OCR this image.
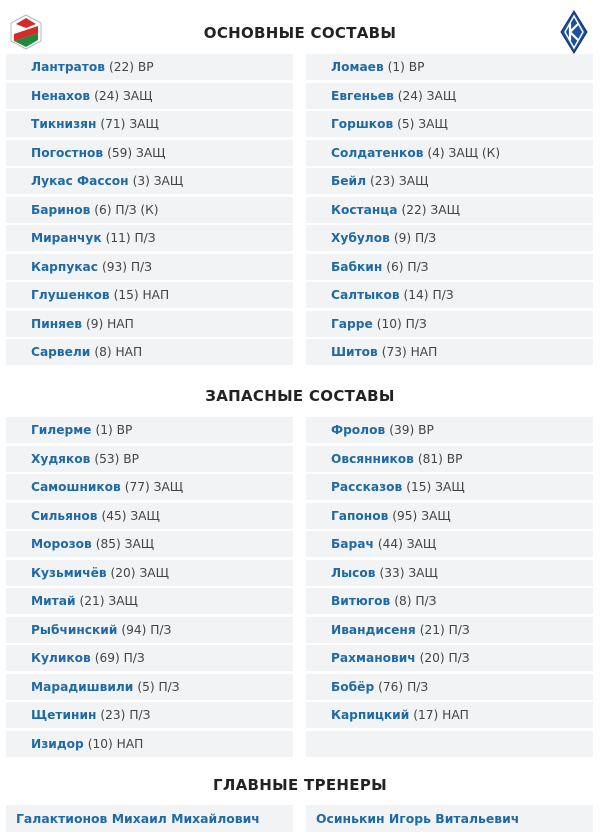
ОСНОВНЫЕ СОСТАВЫ
ЗАПАСНЫЕ СОСТАВЫ
ГЛАВНЫЕ ТРЕНЕРЫ
Лантратов (22) ВР
Ненахов (24) ЗАЩ
Тикнизян (71) ЗАЩ
Погостнов (59) ЗАЩ
Лукас Фассон (3) ЗАЩ
Баринов (6) П/З (К)
Миранчук (11) П/З
Карпукас (93) П/З
Глушенков (15) НАП
Пиняев (9) НАП
Сарвели (8) НАП
Ломаев (1) ВР
Евгеньев (24) ЗАЩ
Горшков (5) ЗАЩ
Солдатенков (4) ЗАЩ (К)
Бейл (23) ЗАЩ
Костанца (22) ЗАЩ
Хубулов (9) П/З
Бабкин (6) П/З
Салтыков (14) П/З
Гарре (10) П/З
Шитов (73) НАП
Гилерме (1) ВР
Худяков (53) ВР
Самошников (77) ЗАЩ
Сильянов (45) ЗАЩ
Морозов (85) ЗАЩ
Кузьмичёв (20) ЗАЩ
Митай (21) ЗАЩ
Рыбчинский (94) П/З
Куликов (69) П/З
Марадишвили (5) П/З
Щетинин (23) П/З
Изидор (10) НАП
Фролов (39) ВР
Овсянников (81) ВР
Рассказов (15) ЗАЩ
Гапонов (95) ЗАЩ
Барач (44) ЗАЩ
Лысов (33) ЗАЩ
Витюгов (8) П/З
Ивандисеня (21) П/З
Рахманович (20) П/З
Бобёр (76) П/З
Карпицкий (17) НАП
Галактионов Михаил Михайлович	Осинькин Игорь Витальевич
